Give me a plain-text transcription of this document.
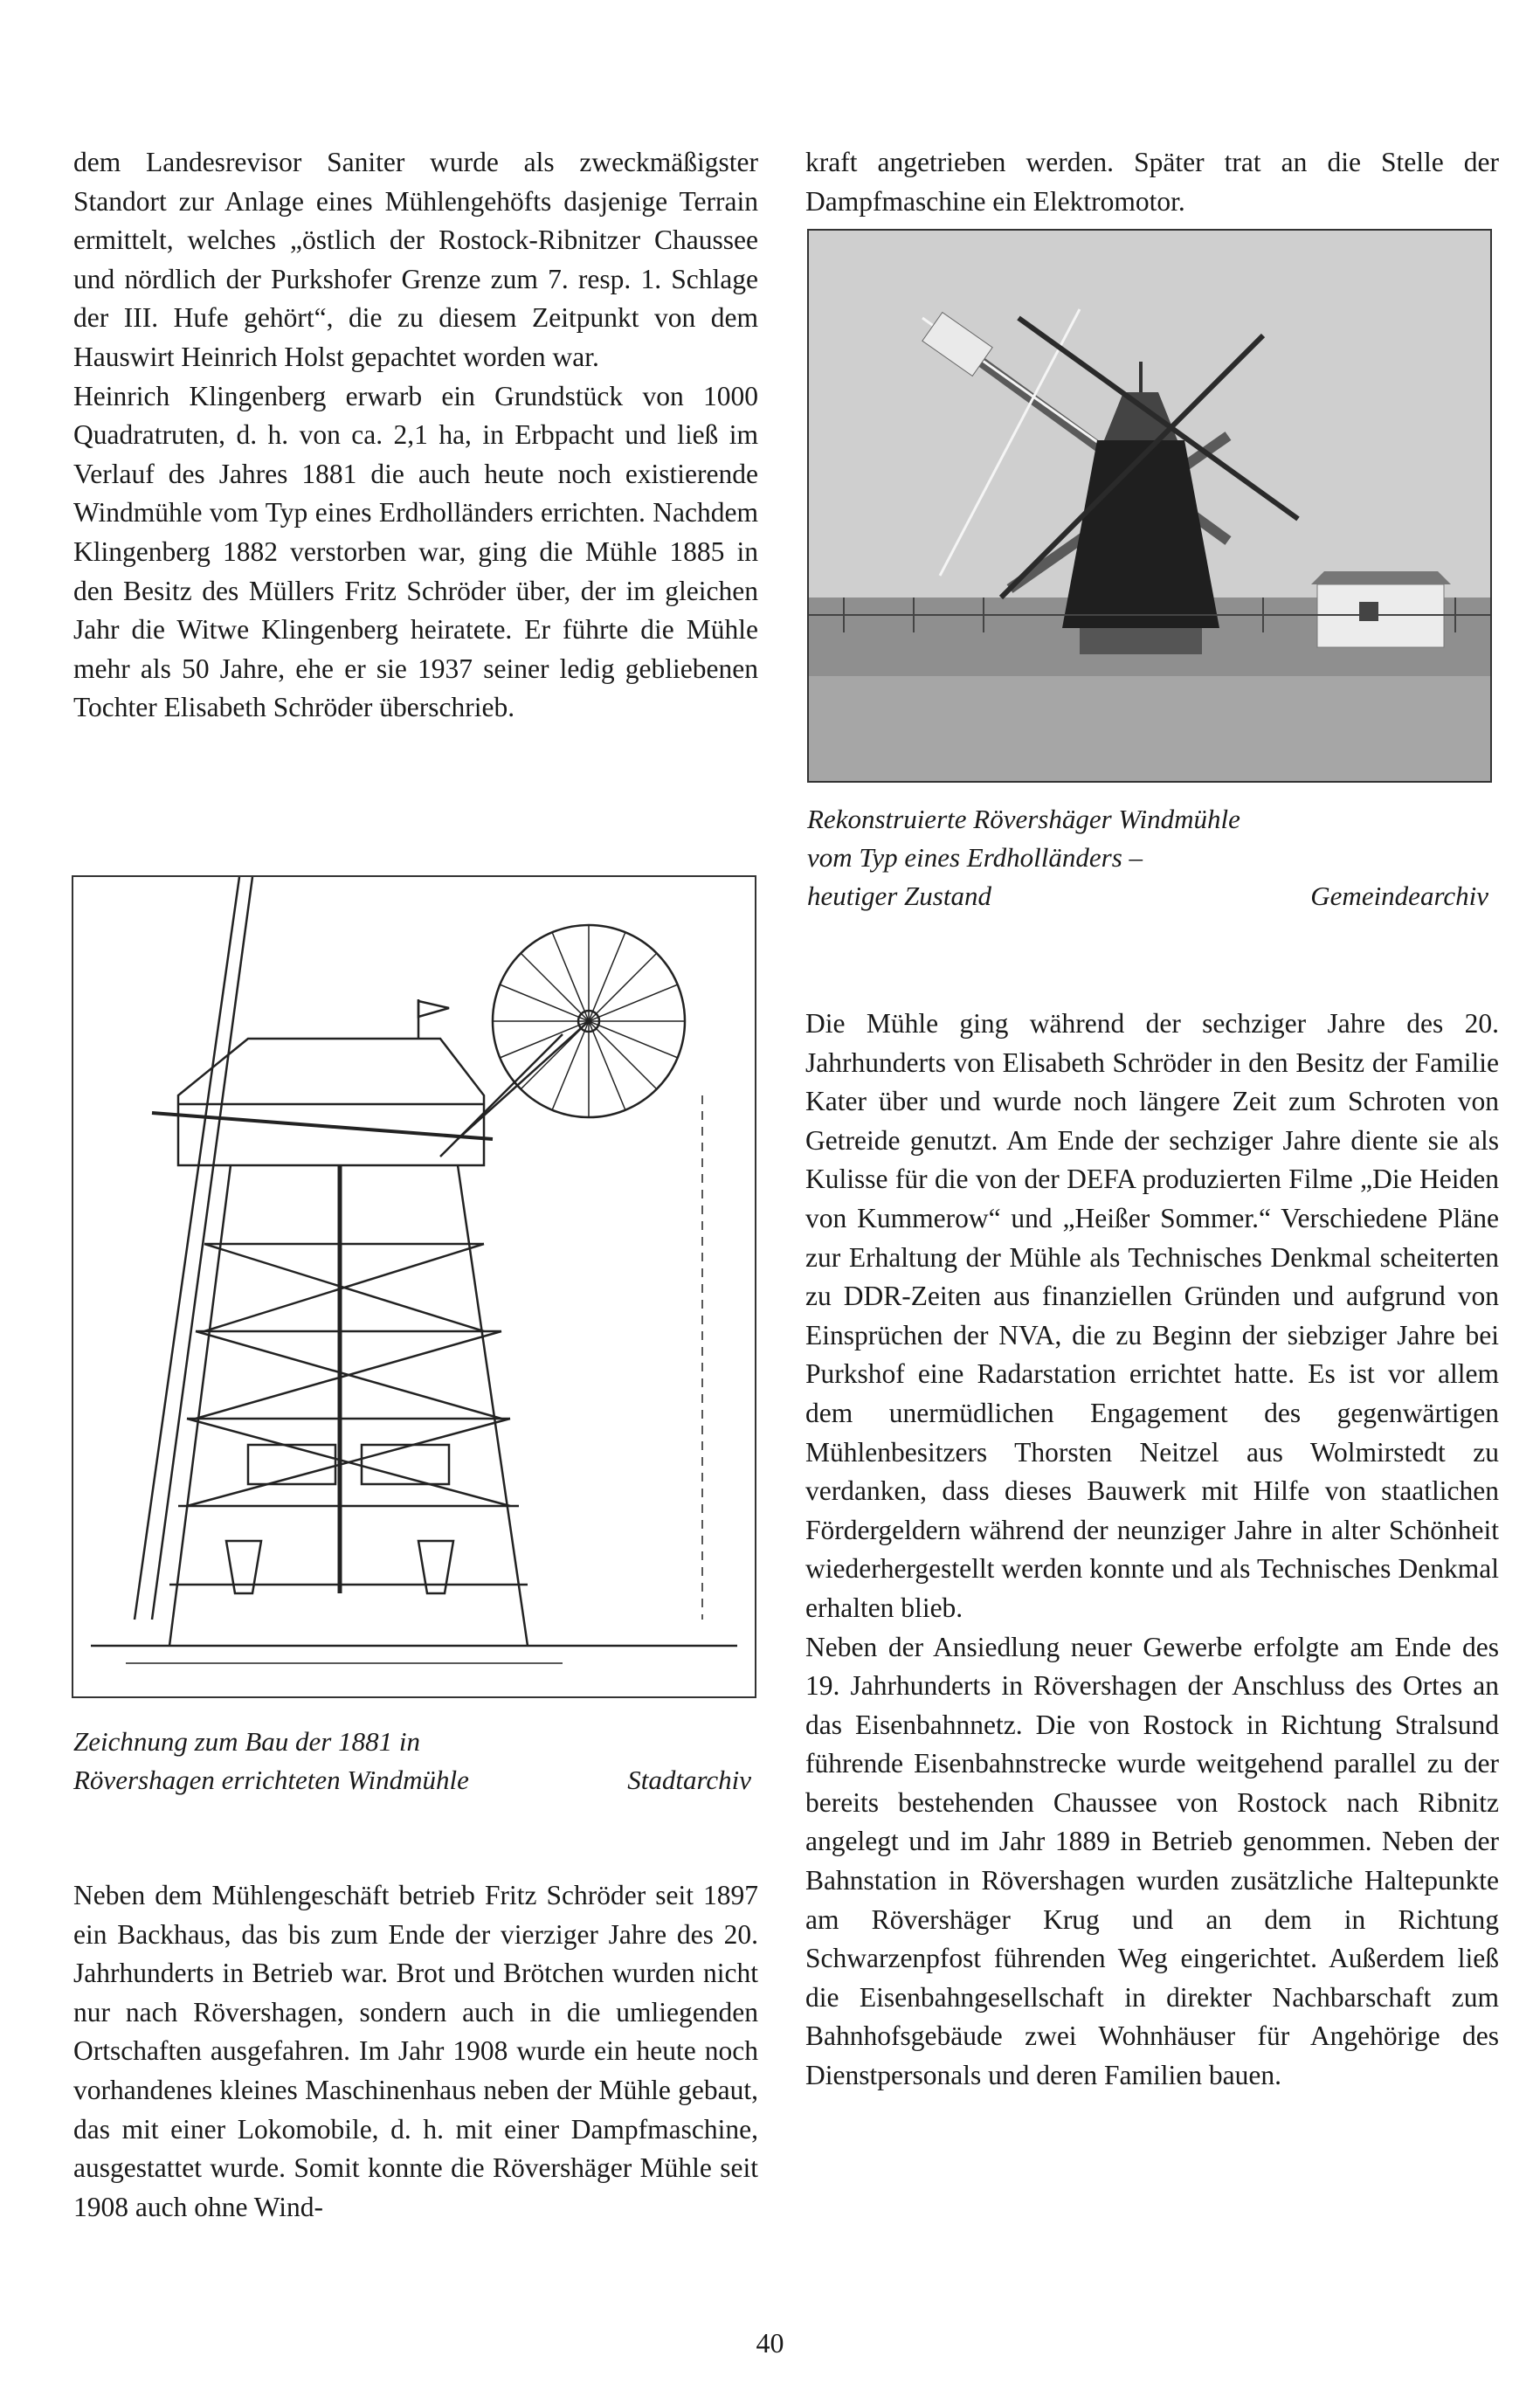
dem Landesrevisor Saniter wurde als zweckmäßigster Standort zur Anlage eines Mühlengehöfts dasjenige Terrain ermittelt, welches „östlich der Rostock-Ribnitzer Chaussee und nördlich der Purkshofer Grenze zum 7. resp. 1. Schlage der III. Hufe gehört“, die zu diesem Zeitpunkt von dem Hauswirt Heinrich Holst gepachtet worden war.

Heinrich Klingenberg erwarb ein Grundstück von 1000 Quadratruten, d. h. von ca. 2,1 ha, in Erbpacht und ließ im Verlauf des Jahres 1881 die auch heute noch existierende Windmühle vom Typ eines Erdholländers errichten. Nachdem Klingenberg 1882 verstorben war, ging die Mühle 1885 in den Besitz des Müllers Fritz Schröder über, der im gleichen Jahr die Witwe Klingenberg heiratete. Er führte die Mühle mehr als 50 Jahre, ehe er sie 1937 seiner ledig gebliebenen Tochter Elisabeth Schröder überschrieb.

Zeichnung zum Bau der 1881 in
Rövershagen errichteten Windmühle	Stadtarchiv

Neben dem Mühlengeschäft betrieb Fritz Schröder seit 1897 ein Backhaus, das bis zum Ende der vierziger Jahre des 20. Jahrhunderts in Betrieb war. Brot und Brötchen wurden nicht nur nach Rövershagen, sondern auch in die umliegenden Ortschaften ausgefahren. Im Jahr 1908 wurde ein heute noch vorhandenes kleines Maschinenhaus neben der Mühle gebaut, das mit einer Lokomobile, d. h. mit einer Dampfmaschine, ausgestattet wurde. Somit konnte die Rövershäger Mühle seit 1908 auch ohne Wind-

kraft angetrieben werden. Später trat an die Stelle der Dampfmaschine ein Elektromotor.

Rekonstruierte Rövershäger Windmühle
vom Typ eines Erdholländers –
heutiger Zustand	Gemeindearchiv

Die Mühle ging während der sechziger Jahre des 20. Jahrhunderts von Elisabeth Schröder in den Besitz der Familie Kater über und wurde noch längere Zeit zum Schroten von Getreide genutzt. Am Ende der sechziger Jahre diente sie als Kulisse für die von der DEFA produzierten Filme „Die Heiden von Kummerow“ und „Heißer Sommer.“ Verschiedene Pläne zur Erhaltung der Mühle als Technisches Denkmal scheiterten zu DDR-Zeiten aus finanziellen Gründen und aufgrund von Einsprüchen der NVA, die zu Beginn der siebziger Jahre bei Purkshof eine Radarstation errichtet hatte. Es ist vor allem dem unermüdlichen Engagement des gegenwärtigen Mühlenbesitzers Thorsten Neitzel aus Wolmirstedt zu verdanken, dass dieses Bauwerk mit Hilfe von staatlichen Fördergeldern während der neunziger Jahre in alter Schönheit wiederhergestellt werden konnte und als Technisches Denkmal erhalten blieb.

Neben der Ansiedlung neuer Gewerbe erfolgte am Ende des 19. Jahrhunderts in Rövershagen der Anschluss des Ortes an das Eisenbahnnetz. Die von Rostock in Richtung Stralsund führende Eisenbahnstrecke wurde weitgehend parallel zu der bereits bestehenden Chaussee von Rostock nach Ribnitz angelegt und im Jahr 1889 in Betrieb genommen. Neben der Bahnstation in Rövershagen wurden zusätzliche Haltepunkte am Rövershäger Krug und an dem in Richtung Schwarzenpfost führenden Weg eingerichtet. Außerdem ließ die Eisenbahngesellschaft in direkter Nachbarschaft zum Bahnhofsgebäude zwei Wohnhäuser für Angehörige des Dienstpersonals und deren Familien bauen.

40
